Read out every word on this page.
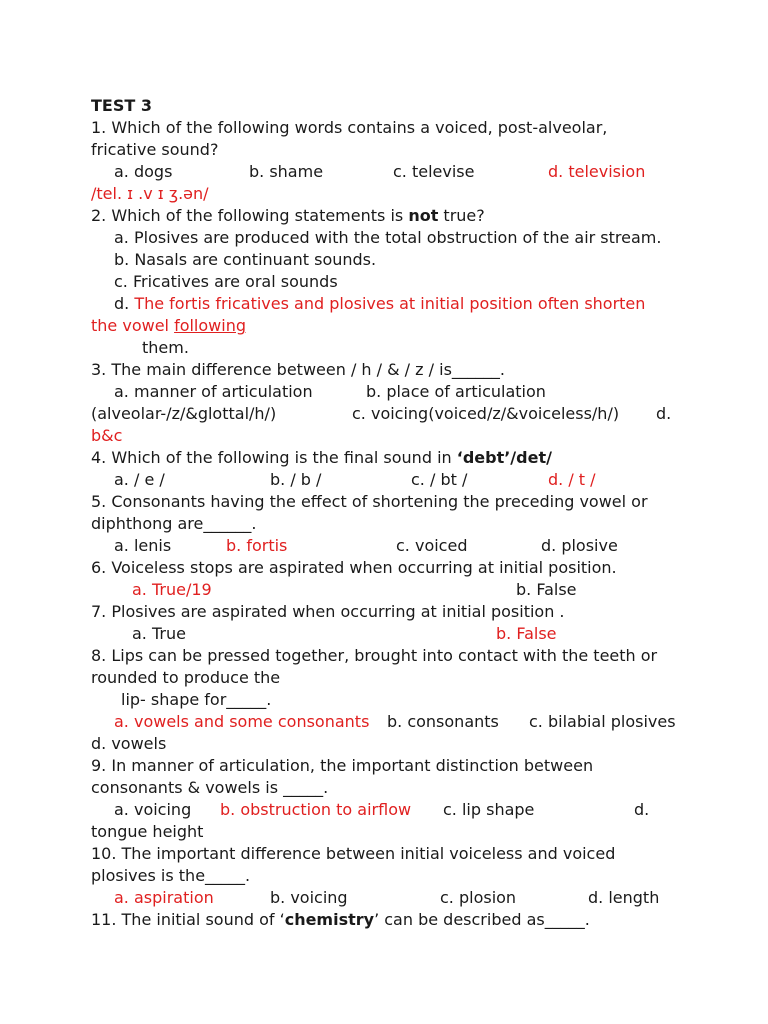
TEST 3
1. Which of the following words contains a voiced, post-alveolar,
fricative sound?
a. dogs	b. shame	c. televise	d. television
/tel. ɪ .v ɪ ʒ.ən/
2. Which of the following statements is not true?
a. Plosives are produced with the total obstruction of the air stream.
b. Nasals are continuant sounds.
c. Fricatives are oral sounds
d. The fortis fricatives and plosives at initial position often shorten
the vowel following
them.
3. The main difference between / h / & / z / is______.
a. manner of articulation	b. place of articulation
(alveolar-/z/&glottal/h/)	c. voicing(voiced/z/&voiceless/h/) d.
b&c
4. Which of the following is the final sound in ‘debt’/det/
a. / e /	b. / b /	c. / bt /	d. / t /
5. Consonants having the effect of shortening the preceding vowel or
diphthong are______.
a. lenis	b. fortis	c. voiced	d. plosive
6. Voiceless stops are aspirated when occurring at initial position.
a. True/19	b. False
7. Plosives are aspirated when occurring at initial position .
a. True	b. False
8. Lips can be pressed together, brought into contact with the teeth or
rounded to produce the
lip- shape for_____.
a. vowels and some consonants b. consonants c. bilabial plosives
d. vowels
9. In manner of articulation, the important distinction between
consonants & vowels is _____.
a. voicing b. obstruction to airflow c. lip shape	d.
tongue height
10. The important difference between initial voiceless and voiced
plosives is the_____.
a. aspiration	b. voicing	c. plosion	d. length
11. The initial sound of ‘chemistry’ can be described as_____.
